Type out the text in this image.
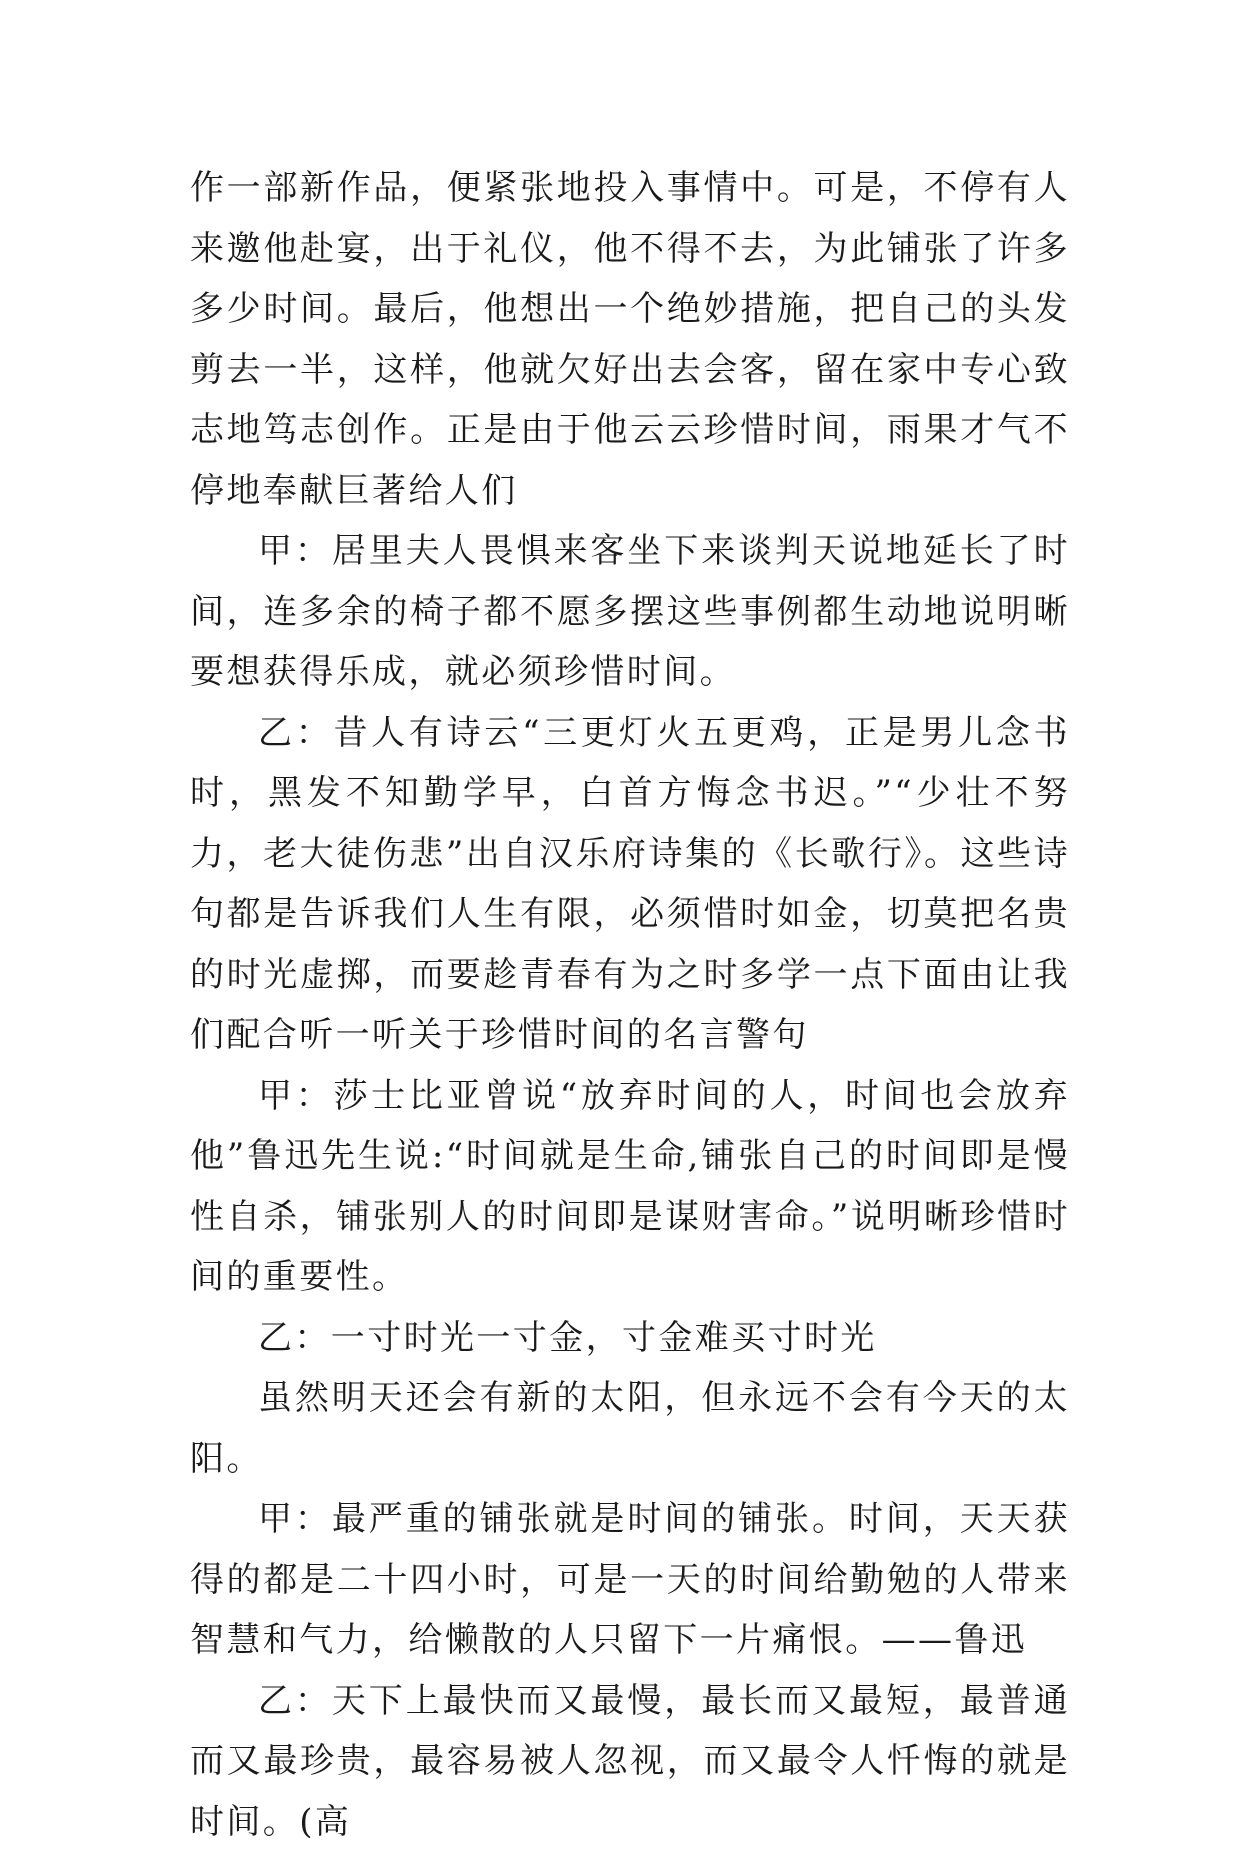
作一部新作品，便紧张地投入事情中。可是，不停有人来邀他赴宴，出于礼仪，他不得不去，为此铺张了许多多少时间。最后，他想出一个绝妙措施，把自己的头发剪去一半，这样，他就欠好出去会客，留在家中专心致志地笃志创作。正是由于他云云珍惜时间，雨果才气不停地奉献巨著给人们

甲：居里夫人畏惧来客坐下来谈判天说地延长了时间，连多余的椅子都不愿多摆这些事例都生动地说明晰要想获得乐成，就必须珍惜时间。

乙：昔人有诗云“三更灯火五更鸡，正是男儿念书时，黑发不知勤学早，白首方悔念书迟。”“少壮不努力，老大徒伤悲”出自汉乐府诗集的《长歌行》。这些诗句都是告诉我们人生有限，必须惜时如金，切莫把名贵的时光虚掷，而要趁青春有为之时多学一点下面由让我们配合听一听关于珍惜时间的名言警句

甲：莎士比亚曾说“放弃时间的人，时间也会放弃他”鲁迅先生说:“时间就是生命,铺张自己的时间即是慢性自杀，铺张别人的时间即是谋财害命。”说明晰珍惜时间的重要性。

乙：一寸时光一寸金，寸金难买寸时光

虽然明天还会有新的太阳，但永远不会有今天的太阳。

甲：最严重的铺张就是时间的铺张。时间，天天获得的都是二十四小时，可是一天的时间给勤勉的人带来智慧和气力，给懒散的人只留下一片痛恨。——鲁迅

乙：天下上最快而又最慢，最长而又最短，最普通而又最珍贵，最容易被人忽视，而又最令人忏悔的就是时间。(高
